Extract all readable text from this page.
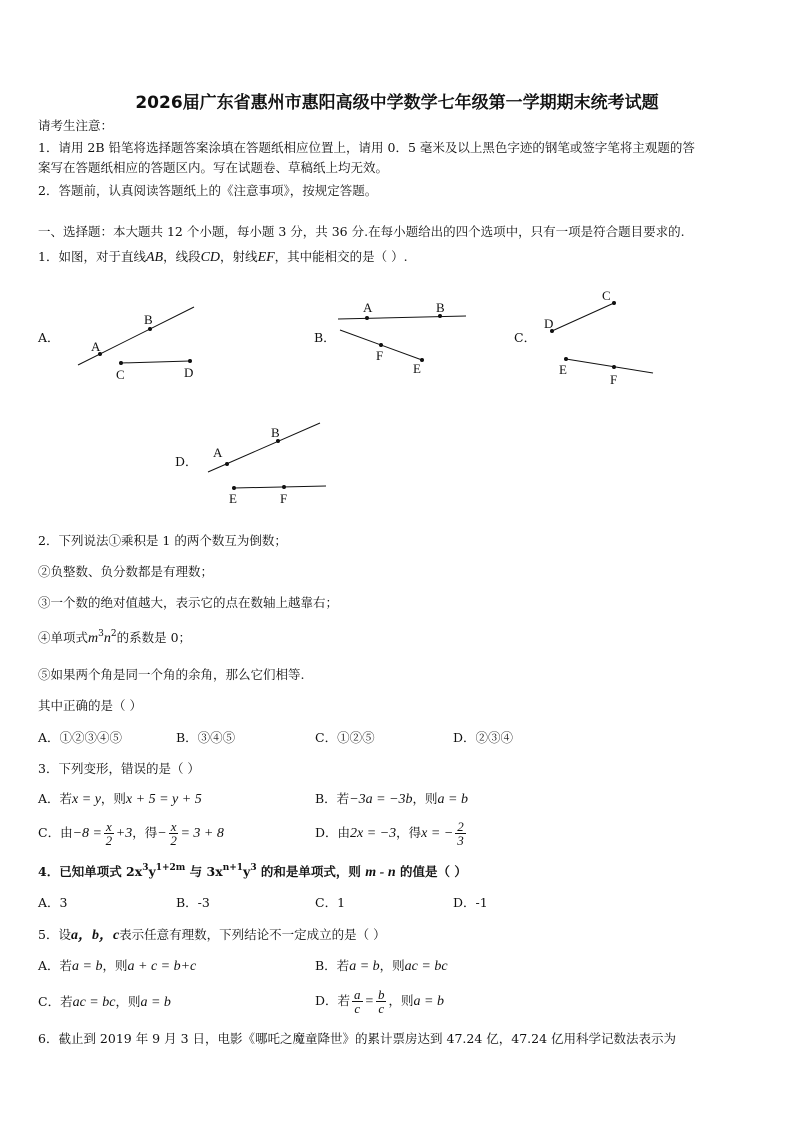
2026届广东省惠州市惠阳高级中学数学七年级第一学期期末统考试题
请考生注意：
1．请用 2B 铅笔将选择题答案涂填在答题纸相应位置上，请用 0．5 毫米及以上黑色字迹的钢笔或签字笔将主观题的答
案写在答题纸相应的答题区内。写在试题卷、草稿纸上均无效。
2．答题前，认真阅读答题纸上的《注意事项》，按规定答题。
一、选择题：本大题共 12 个小题，每小题 3 分，共 36 分.在每小题给出的四个选项中，只有一项是符合题目要求的.
1．如图，对于直线AB，线段CD，射线EF，其中能相交的是（ ）.
A．	B．	C．
D．
A
B
C	D
A	B
F
E
C
D
E
F
A
B
E	F
2．下列说法①乘积是 1 的两个数互为倒数；
②负整数、负分数都是有理数；
③一个数的绝对值越大，表示它的点在数轴上越靠右；
④单项式$m^3n^2$的系数是 0；
⑤如果两个角是同一个角的余角，那么它们相等.
其中正确的是（ ）
A．①②③④⑤	B．③④⑤	C．①②⑤	D．②③④
3．下列变形，错误的是（ ）
A．若x = y，则x + 5 = y + 5	B．若−3a = −3b，则a = b
C．由$-8 = \frac{x}{2} +3$，得− $\frac{x}{2} = 3 + 8$	D．由2x = −3，得x = − $\frac{2}{3}$
4．已知单项式 $2x^3y^{1+2m}$ 与 $3x^{n+1}y^3$ 的和是单项式，则 m - n 的值是（ ）
A．3	B．-3	C．1	D．-1
5．设a，b，c表示任意有理数，下列结论不一定成立的是（ ）
A．若a = b，则a + c = b+c	B．若a = b，则ac = bc
C．若ac = bc，则a = b	D．若 $\frac{a}{c} = \frac{b}{c}$ ，则a = b
6．截止到 2019 年 9 月 3 日，电影《哪吒之魔童降世》的累计票房达到 47.24 亿，47.24 亿用科学记数法表示为
